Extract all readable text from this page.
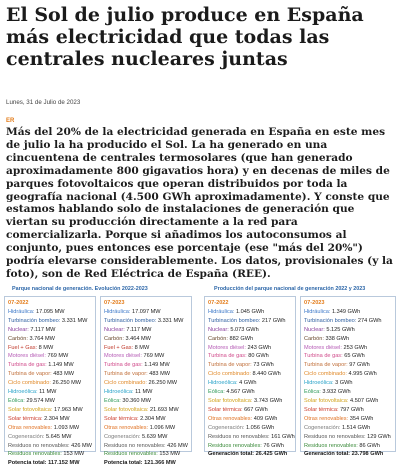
El Sol de julio produce en España más electricidad que todas las centrales nucleares juntas
Lunes, 31 de Julio de 2023
ER

Más del 20% de la electricidad generada en España en este mes de julio la ha producido el Sol. La ha generado en una cincuentena de centrales termosolares (que han generado aproximadamente 800 gigavatios hora) y en decenas de miles de parques fotovoltaicos que operan distribuidos por toda la geografía nacional (4.500 GWh aproximadamente). Y conste que estamos hablando solo de instalaciones de generación que viertan su producción directamente a la red para comercializarla. Porque si añadimos los autoconsumos al conjunto, pues entonces ese porcentaje (ese "más del 20%") podría elevarse considerablemente. Los datos, provisionales (y la foto), son de Red Eléctrica de España (REE).

Parque nacional de generación. Evolución 2022-2023	Producción del parque nacional de generación 2022 y 2023
07-2022
Hidráulica: 17.095 MW
Turbinación bombeo: 3.331 MW
Nuclear: 7.117 MW
Carbón: 3.764 MW
Fuel + Gas: 8 MW
Motores diésel: 769 MW
Turbina de gas: 1.149 MW
Turbina de vapor: 483 MW
Ciclo combinado: 26.250 MW
Hidroeólica: 11 MW
Eólica: 29.574 MW
Solar fotovoltaica: 17.963 MW
Solar térmica: 2.304 MW
Otras renovables: 1.093 MW
Cogeneración: 5.645 MW
Residuos no renovables: 426 MW
Residuos renovables: 153 MW
Potencia total: 117.152 MW
07-2023
Hidráulica: 17.097 MW
Turbinación bombeo: 3.331 MW
Nuclear: 7.117 MW
Carbón: 3.464 MW
Fuel + Gas: 8 MW
Motores diésel: 769 MW
Turbina de gas: 1.149 MW
Turbina de vapor: 483 MW
Ciclo combinado: 26.250 MW
Hidroeólica: 11 MW
Eólica: 30.360 MW
Solar fotovoltaica: 21.693 MW
Solar térmica: 2.304 MW
Otras renovables: 1.096 MW
Cogeneración: 5.639 MW
Residuos no renovables: 426 MW
Residuos renovables: 153 MW
Potencia total: 121.366 MW
07-2022
Hidráulica: 1.045 GWh
Turbinación bombeo: 217 GWh
Nuclear: 5.073 GWh
Carbón: 882 GWh
Motores diésel: 243 GWh
Turbina de gas: 80 GWh
Turbina de vapor: 73 GWh
Ciclo combinado: 8.440 GWh
Hidroeólica: 4 GWh
Eólica: 4.567 GWh
Solar fotovoltaica: 3.743 GWh
Solar térmica: 667 GWh
Otras renovables: 409 GWh
Cogeneración: 1.056 GWh
Residuos no renovables: 161 GWh
Residuos renovables: 76 GWh
Generación total: 26.425 GWh
07-2023
Hidráulica: 1.349 GWh
Turbinación bombeo: 274 GWh
Nuclear: 5.125 GWh
Carbón: 338 GWh
Motores diésel: 253 GWh
Turbina de gas: 65 GWh
Turbina de vapor: 97 GWh
Ciclo combinado: 4.995 GWh
Hidroeólica: 3 GWh
Eólica: 3.932 GWh
Solar fotovoltaica: 4.507 GWh
Solar térmica: 797 GWh
Otras renovables: 354 GWh
Cogeneración: 1.514 GWh
Residuos no renovables: 129 GWh
Residuos renovables: 86 GWh
Generación total: 23.798 GWh
